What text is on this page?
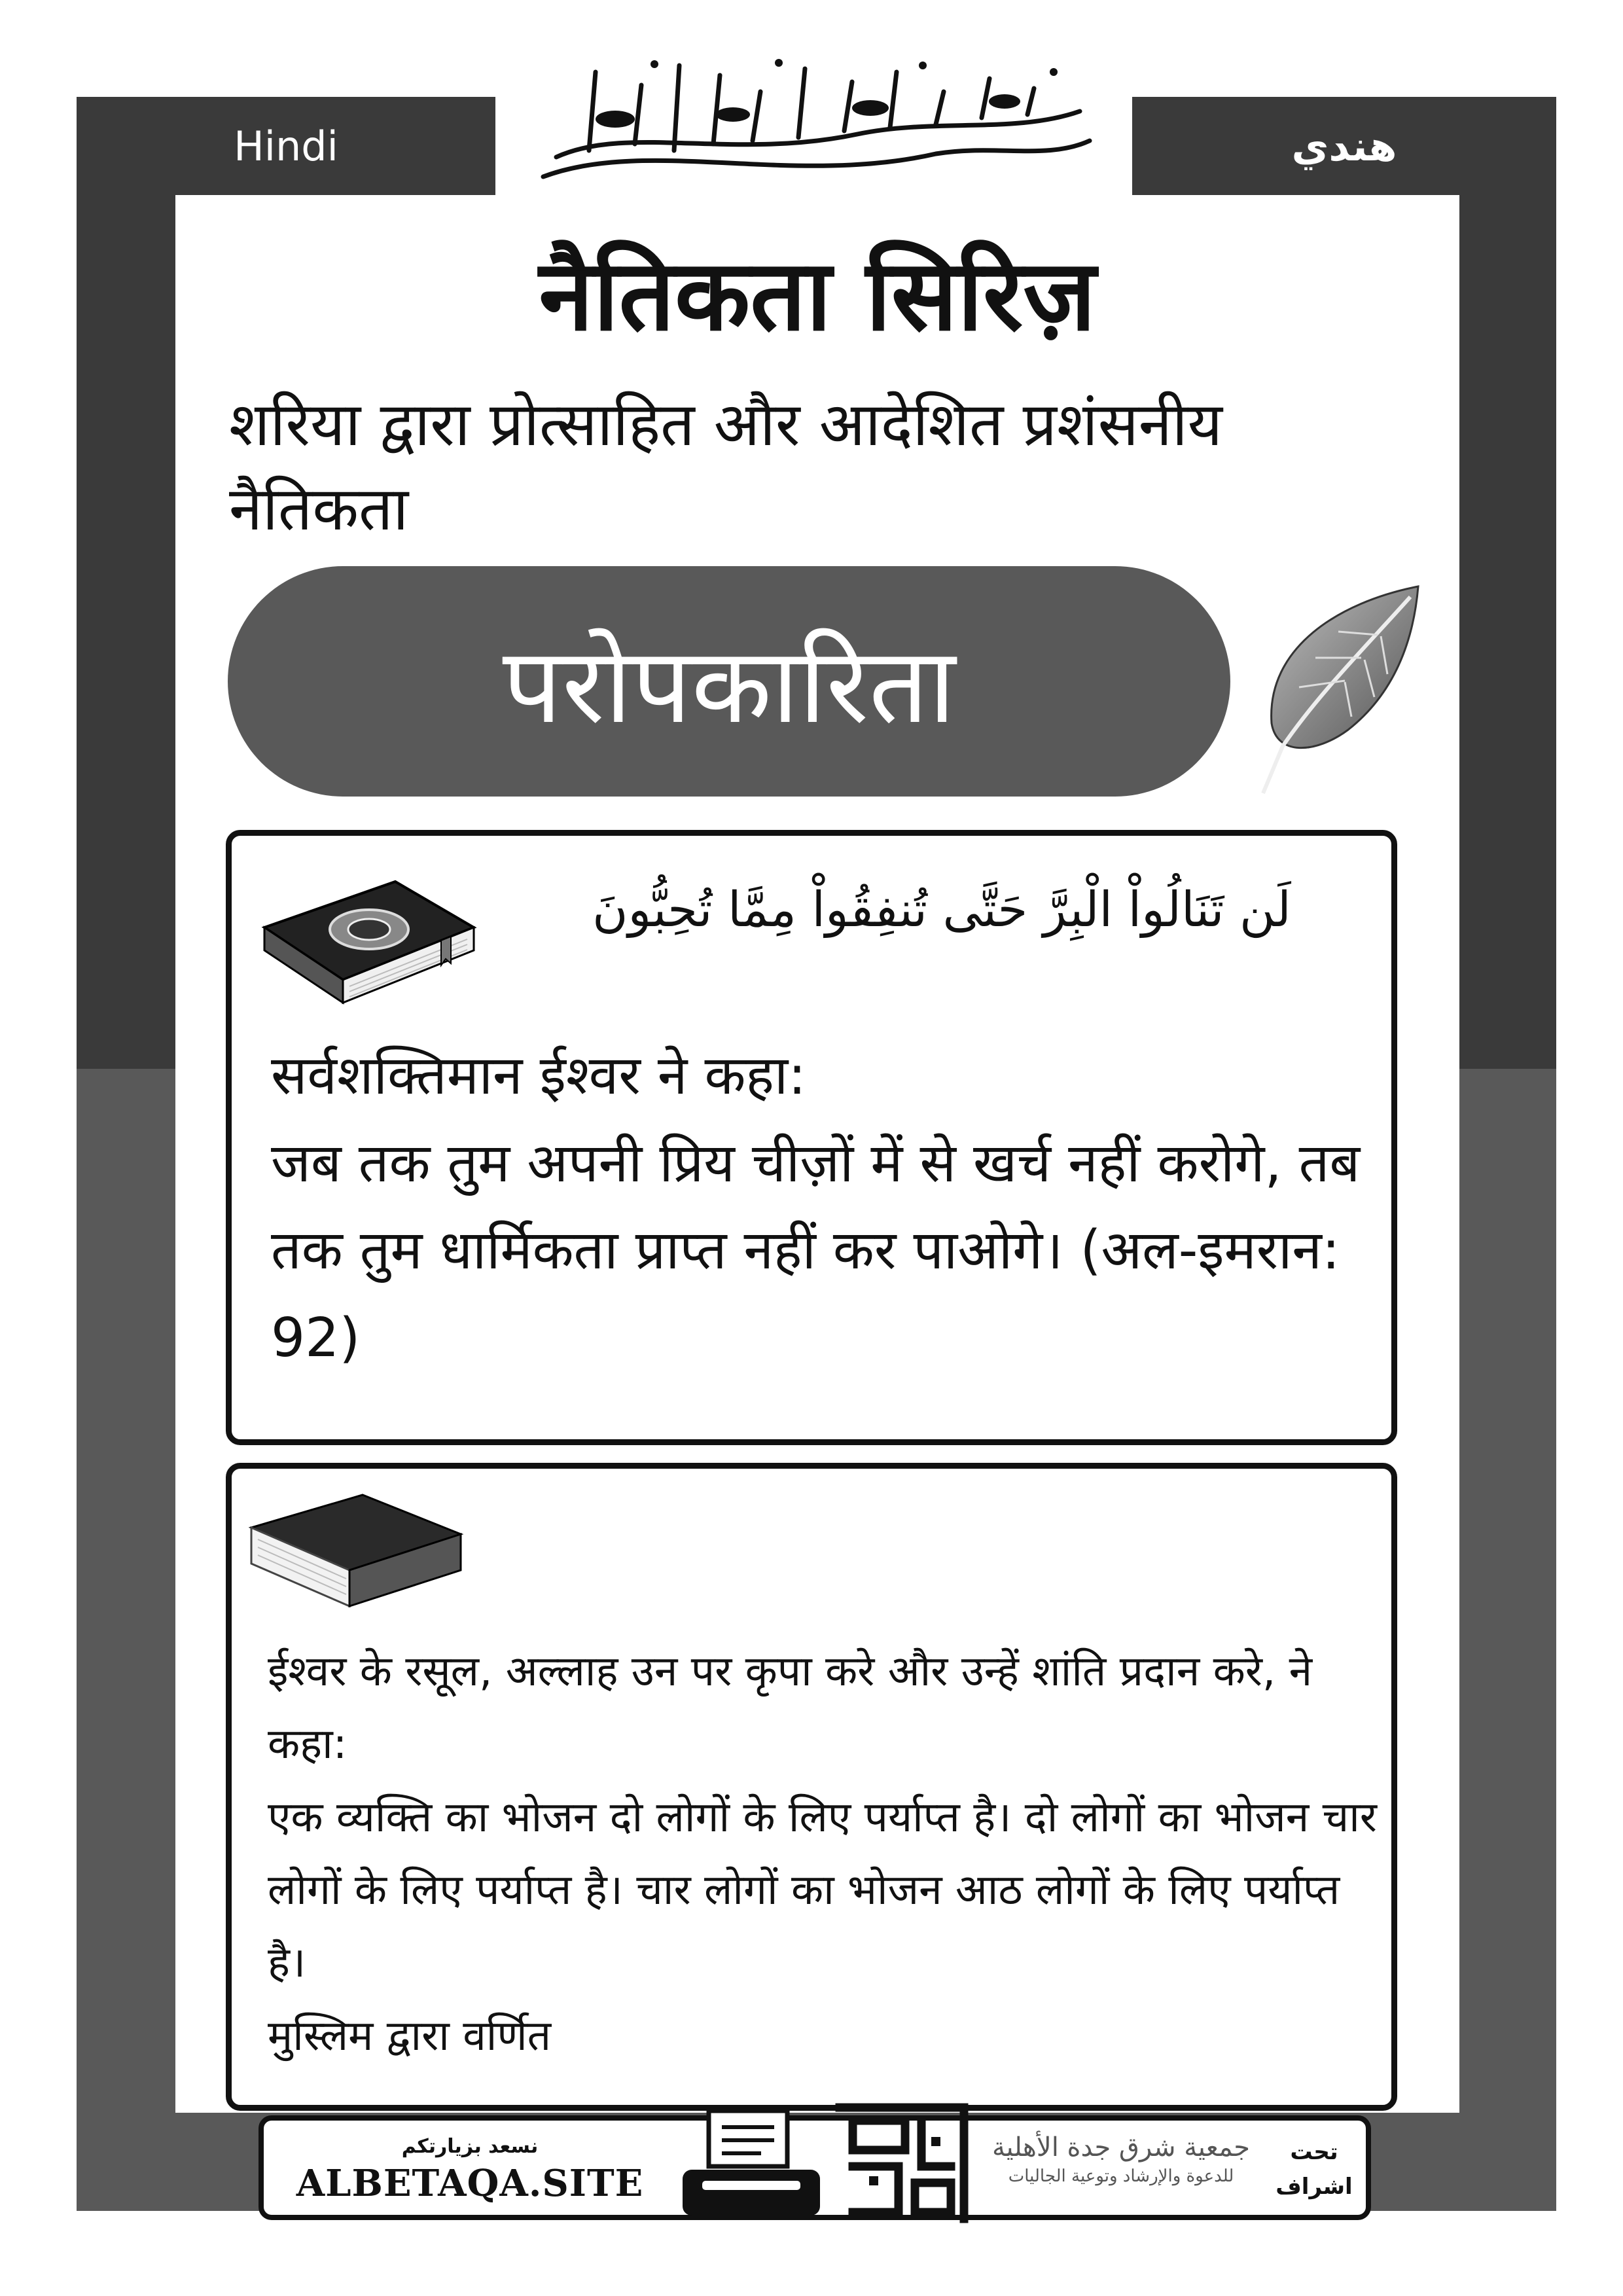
Hindi	هندي
नैतिकता सिरिज़
शरिया द्वारा प्रोत्साहित और आदेशित प्रशंसनीय नैतिकता
परोपकारिता
لَن تَنَالُواْ الْبِرَّ حَتَّى تُنفِقُواْ مِمَّا تُحِبُّونَ
सर्वशक्तिमान ईश्वर ने कहा:
जब तक तुम अपनी प्रिय चीज़ों में से खर्च नहीं करोगे, तब तक तुम धार्मिकता प्राप्त नहीं कर पाओगे। (अल-इमरान: 92)
ईश्वर के रसूल, अल्लाह उन पर कृपा करे और उन्हें शांति प्रदान करे, ने कहा:
एक व्यक्ति का भोजन दो लोगों के लिए पर्याप्त है। दो लोगों का भोजन चार लोगों के लिए पर्याप्त है। चार लोगों का भोजन आठ लोगों के लिए पर्याप्त है।
मुस्लिम द्वारा वर्णित
نسعد بزيارتكم
ALBETAQA.SITE
جمعية شرق جدة الأهلية
للدعوة والإرشاد وتوعية الجاليات
تحت
اشراف
